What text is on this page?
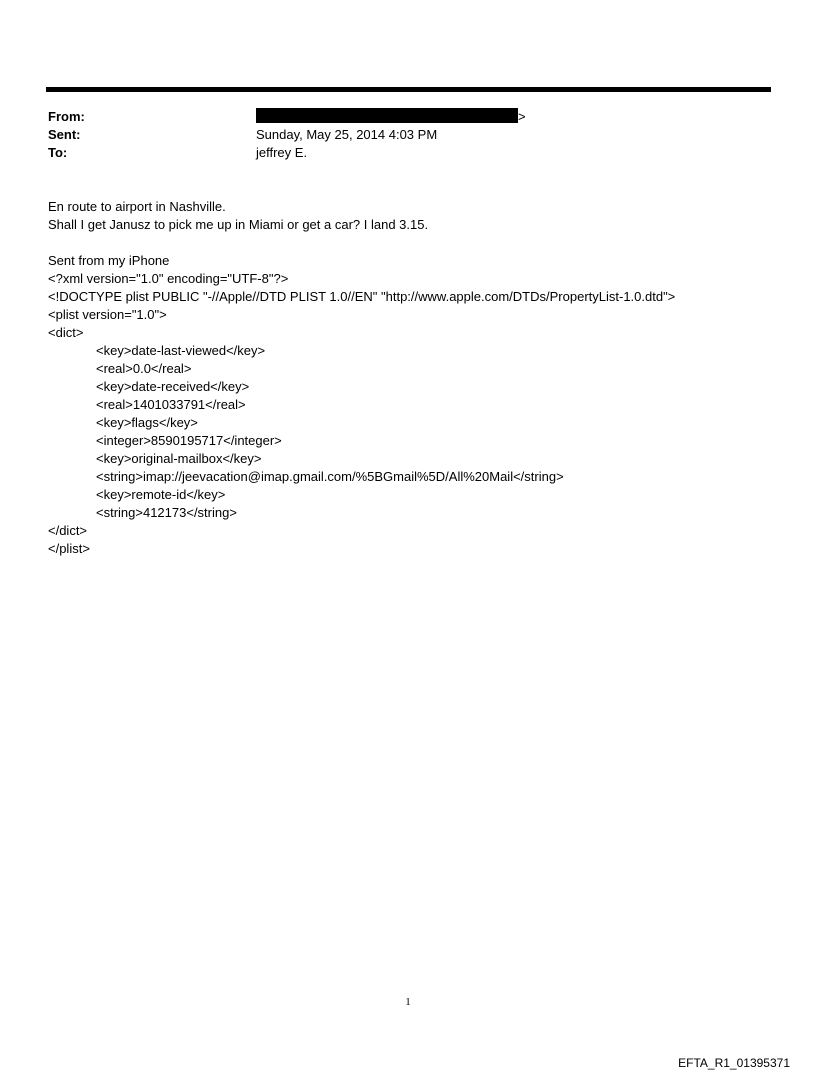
From:	>
Sent:	Sunday, May 25, 2014 4:03 PM
To:	jeffrey E.
En route to airport in Nashville.
Shall I get Janusz to pick me up in Miami or get a car? I land 3.15.
Sent from my iPhone
<?xml version="1.0" encoding="UTF-8"?>
<!DOCTYPE plist PUBLIC "-//Apple//DTD PLIST 1.0//EN" "http://www.apple.com/DTDs/PropertyList-1.0.dtd">
<plist version="1.0">
<dict>
<key>date-last-viewed</key>
<real>0.0</real>
<key>date-received</key>
<real>1401033791</real>
<key>flags</key>
<integer>8590195717</integer>
<key>original-mailbox</key>
<string>imap://jeevacation@imap.gmail.com/%5BGmail%5D/All%20Mail</string>
<key>remote-id</key>
<string>412173</string>
</dict>
</plist>
1
EFTA_R1_01395371
